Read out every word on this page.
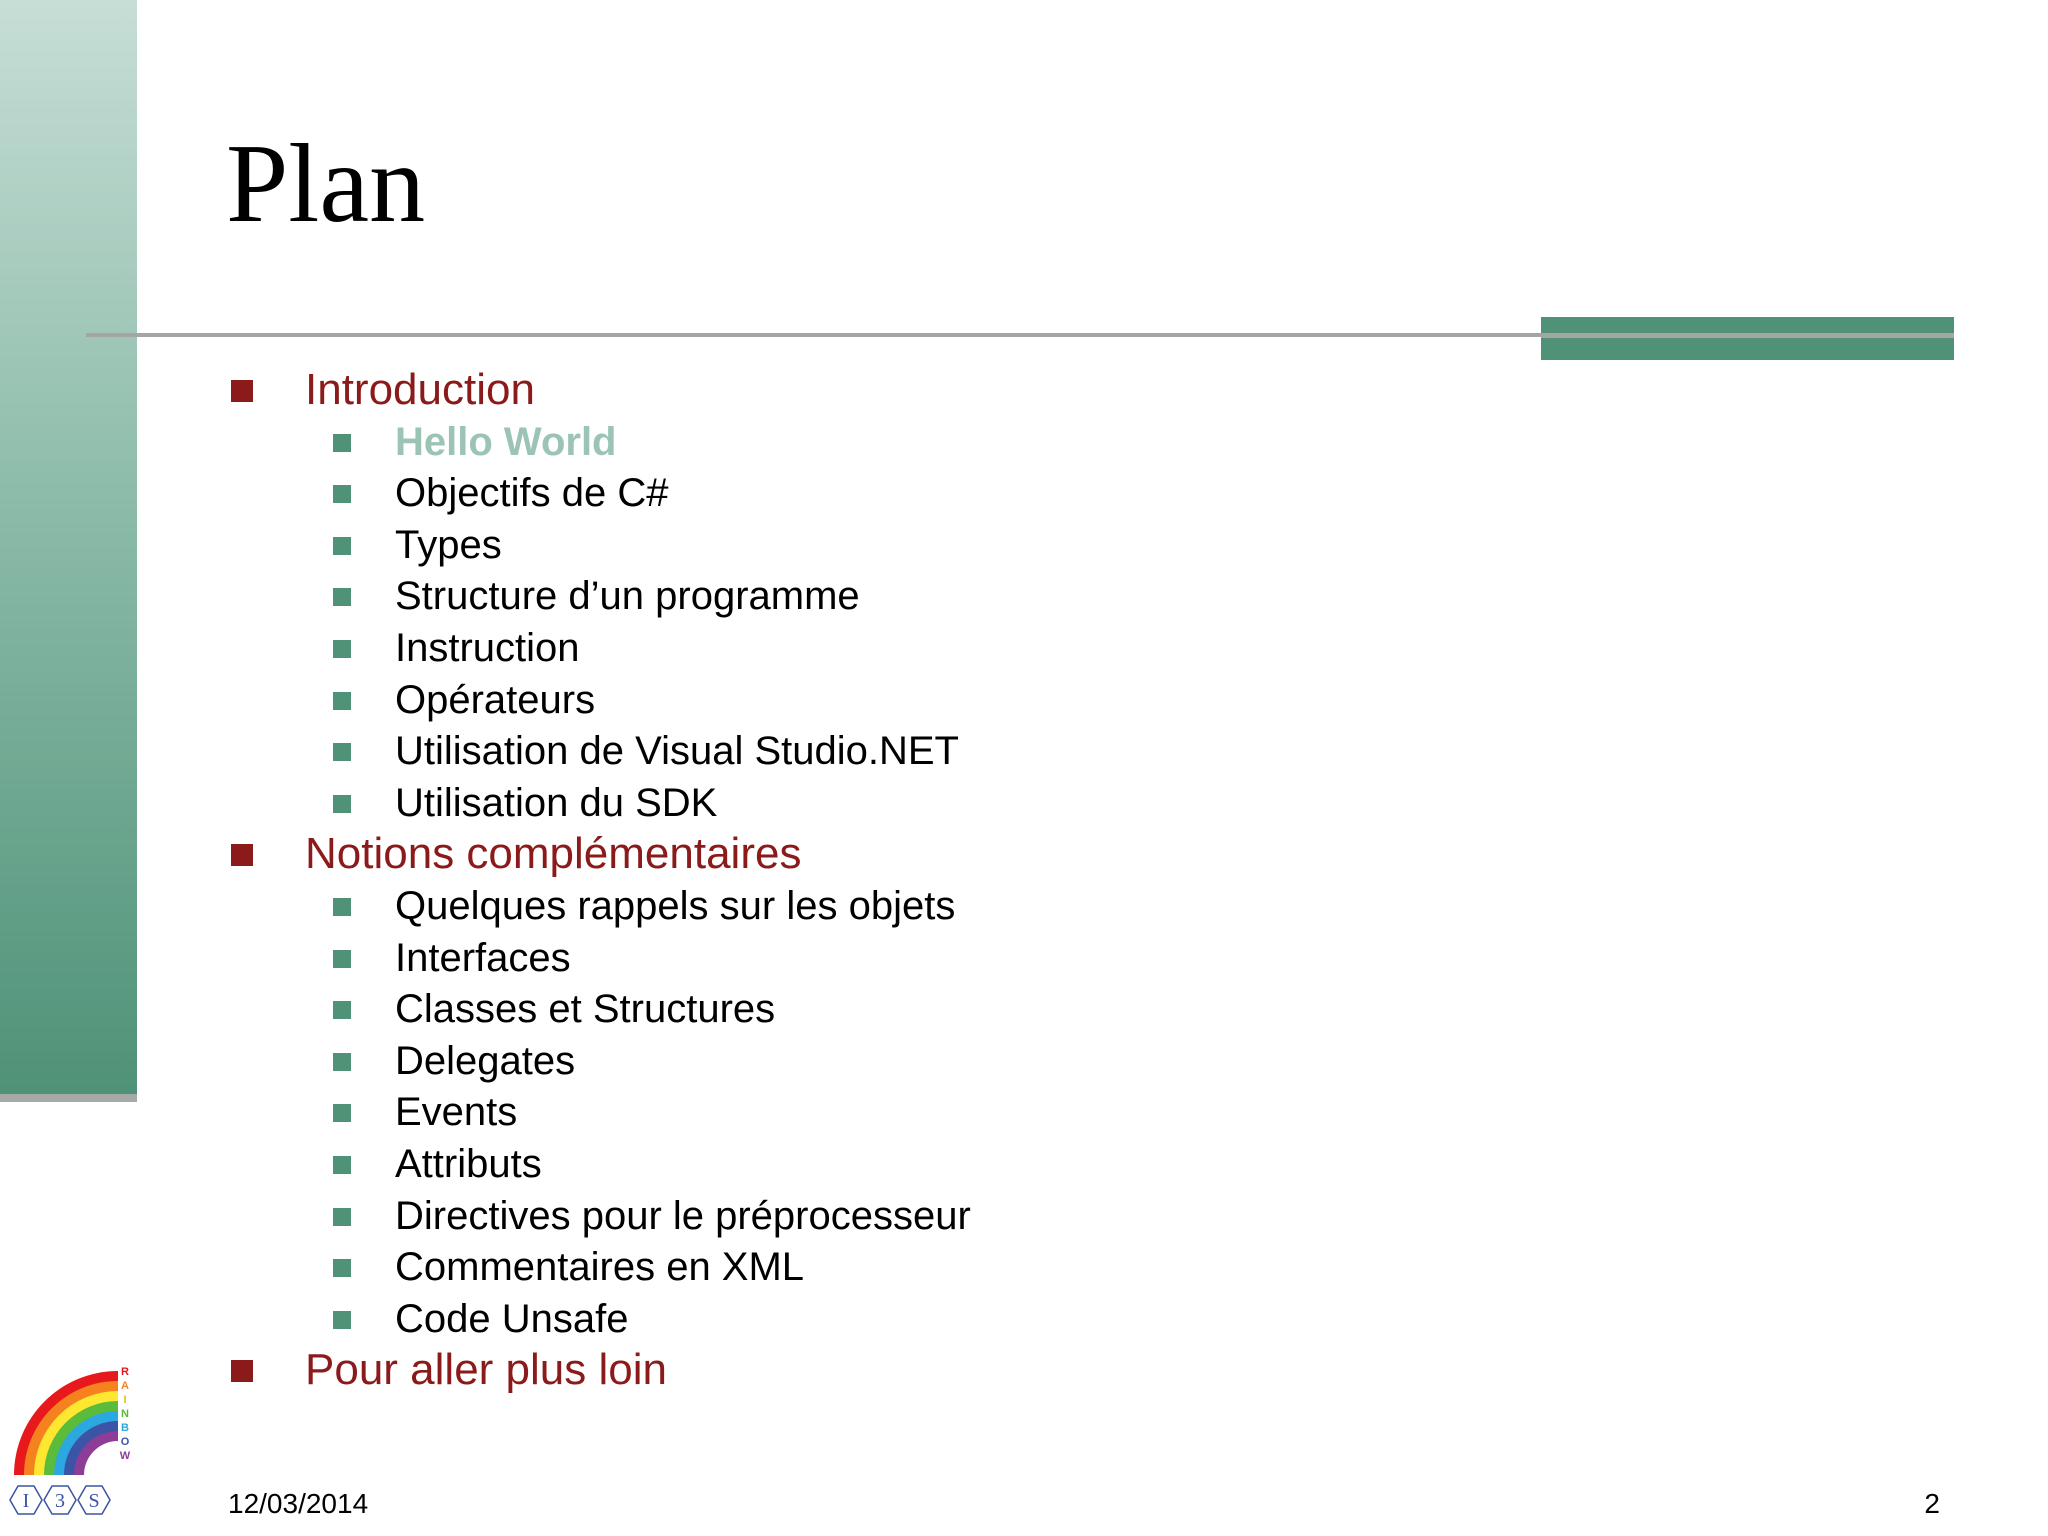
Plan
Introduction
Hello World
Objectifs de C#
Types
Structure d’un programme
Instruction
Opérateurs
Utilisation de Visual Studio.NET
Utilisation du SDK
Notions complémentaires
Quelques rappels sur les objets
Interfaces
Classes et Structures
Delegates
Events
Attributs
Directives pour le préprocesseur
Commentaires en XML
Code Unsafe
Pour aller plus loin
12/03/2014	2
R
A
I
N
B
O
W
I 3 S
